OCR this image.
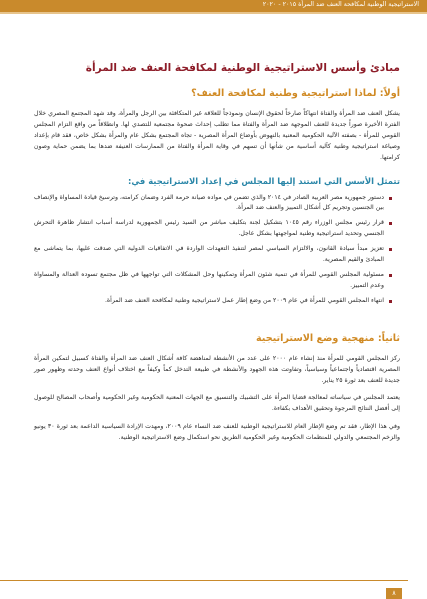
الاستراتيجية الوطنية لمكافحة العنف ضد المرأة ٢٠١٥ - ٢٠٢٠
مبادئ وأسس الاستراتيجية الوطنية لمكافحة العنف ضد المرأة
أولاً: لماذا استراتيجية وطنية لمكافحة العنف؟

يشكل العنف ضد المرأة والفتاة انتهاكاً صارخاً لحقوق الإنسان ونموذجاً للعلاقة غير المتكافئة بين الرجل والمرأة، وقد شهد المجتمع المصري خلال الفترة الأخيرة صوراً جديدة للعنف الموجهة ضد المرأة والفتاة مما تطلب إحداث صحوة مجتمعية للتصدي لها. وانطلاقاً من واقع التزام المجلس القومي للمرأة - بصفته الآلية الحكومية المعنية بالنهوض بأوضاع المرأة المصرية - تجاه المجتمع بشكل عام والمرأة بشكل خاص، فقد قام بإعداد وصياغة استراتيجية وطنية كآلية أساسية من شأنها أن تسهم في وقاية المرأة والفتاة من الممارسات العنيفة ضدها بما يضمن حماية وصون كرامتها.

تتمثل الأسس التي استند إليها المجلس في إعداد الاستراتيجية في:
دستور جمهورية مصر العربية الصادر في ٢٠١٤ والذي تضمن في مواده صيانة حرمة الفرد وضمان كرامته، وترسيخ قيادة المساواة والإنصاف بين الجنسين وتجريم كل أشكال التمييز والعنف ضد المرأة.
قرار رئيس مجلس الوزراء رقم ١٠٤٥ بتشكيل لجنة بتكليف مباشر من السيد رئيس الجمهورية لدراسة أسباب انتشار ظاهرة التحرش الجنسي وتحديد استراتيجية وطنية لمواجهتها بشكل عاجل.
تعزيز مبدأ سيادة القانون، والالتزام السياسي لمصر لتنفيذ التعهدات الواردة في الاتفاقيات الدولية التي صدقت عليها، بما يتماشى مع المبادئ والقيم المصرية.
مسئولية المجلس القومي للمرأة في تنمية شئون المرأة وتمكينها وحل المشكلات التي تواجهها في ظل مجتمع تسوده العدالة والمساواة وعدم التمييز.
انتهاء المجلس القومي للمرأة في عام ٢٠٠٩ من وضع إطار عمل لاستراتيجية وطنية لمكافحة العنف ضد المرأة.
ثانياً: منهجية وضع الاستراتيجية

ركز المجلس القومي للمرأة منذ إنشاء عام ٢٠٠٠ على عدد من الأنشطة لمناهضة كافة أشكال العنف ضد المرأة والفتاة كسبيل لتمكين المرأة المصرية اقتصادياً واجتماعياً وسياسياً، وتفاوتت هذه الجهود والأنشطة في طبيعة التدخل كماً وكيفاً مع اختلاف أنواع العنف وحدته وظهور صور جديدة للعنف بعد ثورة ٢٥ يناير.

يعتمد المجلس في سياساته لمعالجة قضايا المرأة على التشبيك والتنسيق مع الجهات المعنية الحكومية وغير الحكومية وأصحاب المصالح للوصول إلى أفضل النتائج المرجوة وتحقيق الأهداف بكفاءة.

وفي هذا الإطار، فقد تم وضع الإطار العام للاستراتيجية الوطنية للعنف ضد النساء عام ٢٠٠٩، ومهدت الإرادة السياسية الداعمة بعد ثورة ٣٠ يونيو والزخم المجتمعي والدولي للمنظمات الحكومية وغير الحكومية الطريق نحو استكمال وضع الاستراتيجية الوطنية.

٨
